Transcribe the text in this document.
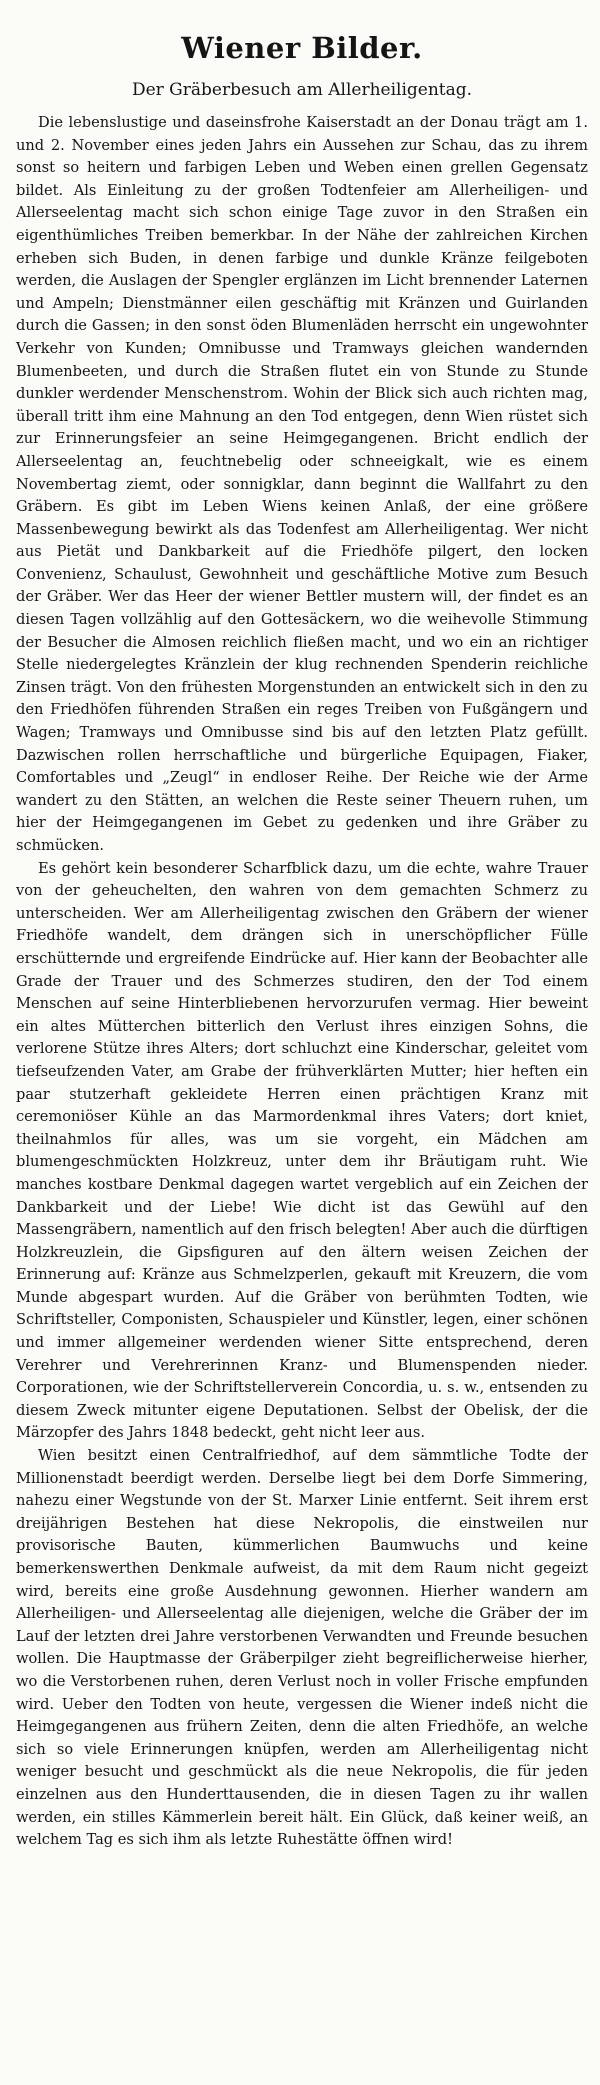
Wiener Bilder.
Der Gräberbesuch am Allerheiligentag.

Die lebenslustige und daseinsfrohe Kaiserstadt an der Donau trägt am 1. und 2. November eines jeden Jahrs ein Aussehen zur Schau, das zu ihrem sonst so heitern und farbigen Leben und Weben einen grellen Gegensatz bildet. Als Einleitung zu der großen Todtenfeier am Allerheiligen- und Allerseelentag macht sich schon einige Tage zuvor in den Straßen ein eigenthümliches Treiben bemerkbar. In der Nähe der zahlreichen Kirchen erheben sich Buden, in denen farbige und dunkle Kränze feilgeboten werden, die Auslagen der Spengler erglänzen im Licht brennender Laternen und Ampeln; Dienstmänner eilen geschäftig mit Kränzen und Guirlanden durch die Gassen; in den sonst öden Blumenläden herrscht ein ungewohnter Verkehr von Kunden; Omnibusse und Tramways gleichen wandernden Blumenbeeten, und durch die Straßen flutet ein von Stunde zu Stunde dunkler werdender Menschenstrom. Wohin der Blick sich auch richten mag, überall tritt ihm eine Mahnung an den Tod entgegen, denn Wien rüstet sich zur Erinnerungsfeier an seine Heimgegangenen. Bricht endlich der Allerseelentag an, feuchtnebelig oder schneeigkalt, wie es einem Novembertag ziemt, oder sonnigklar, dann beginnt die Wallfahrt zu den Gräbern. Es gibt im Leben Wiens keinen Anlaß, der eine größere Massenbewegung bewirkt als das Todenfest am Allerheiligentag. Wer nicht aus Pietät und Dankbarkeit auf die Friedhöfe pilgert, den locken Convenienz, Schaulust, Gewohnheit und geschäftliche Motive zum Besuch der Gräber. Wer das Heer der wiener Bettler mustern will, der findet es an diesen Tagen vollzählig auf den Gottesäckern, wo die weihevolle Stimmung der Besucher die Almosen reichlich fließen macht, und wo ein an richtiger Stelle niedergelegtes Kränzlein der klug rechnenden Spenderin reichliche Zinsen trägt. Von den frühesten Morgenstunden an entwickelt sich in den zu den Friedhöfen führenden Straßen ein reges Treiben von Fußgängern und Wagen; Tramways und Omnibusse sind bis auf den letzten Platz gefüllt. Dazwischen rollen herrschaftliche und bürgerliche Equipagen, Fiaker, Comfortables und „Zeugl“ in endloser Reihe. Der Reiche wie der Arme wandert zu den Stätten, an welchen die Reste seiner Theuern ruhen, um hier der Heimgegangenen im Gebet zu gedenken und ihre Gräber zu schmücken.

Es gehört kein besonderer Scharfblick dazu, um die echte, wahre Trauer von der geheuchelten, den wahren von dem gemachten Schmerz zu unterscheiden. Wer am Allerheiligentag zwischen den Gräbern der wiener Friedhöfe wandelt, dem drängen sich in unerschöpflicher Fülle erschütternde und ergreifende Eindrücke auf. Hier kann der Beobachter alle Grade der Trauer und des Schmerzes studiren, den der Tod einem Menschen auf seine Hinterbliebenen hervorzurufen vermag. Hier beweint ein altes Mütterchen bitterlich den Verlust ihres einzigen Sohns, die verlorene Stütze ihres Alters; dort schluchzt eine Kinderschar, geleitet vom tiefseufzenden Vater, am Grabe der frühverklärten Mutter; hier heften ein paar stutzerhaft gekleidete Herren einen prächtigen Kranz mit ceremoniöser Kühle an das Marmordenkmal ihres Vaters; dort kniet, theilnahmlos für alles, was um sie vorgeht, ein Mädchen am blumengeschmückten Holzkreuz, unter dem ihr Bräutigam ruht. Wie manches kostbare Denkmal dagegen wartet vergeblich auf ein Zeichen der Dankbarkeit und der Liebe! Wie dicht ist das Gewühl auf den Massengräbern, namentlich auf den frisch belegten! Aber auch die dürftigen Holzkreuzlein, die Gipsfiguren auf den ältern weisen Zeichen der Erinnerung auf: Kränze aus Schmelzperlen, gekauft mit Kreuzern, die vom Munde abgespart wurden. Auf die Gräber von berühmten Todten, wie Schriftsteller, Componisten, Schauspieler und Künstler, legen, einer schönen und immer allgemeiner werdenden wiener Sitte entsprechend, deren Verehrer und Verehrerinnen Kranz- und Blumenspenden nieder. Corporationen, wie der Schriftstellerverein Concordia, u. s. w., entsenden zu diesem Zweck mitunter eigene Deputationen. Selbst der Obelisk, der die Märzopfer des Jahrs 1848 bedeckt, geht nicht leer aus.

Wien besitzt einen Centralfriedhof, auf dem sämmtliche Todte der Millionenstadt beerdigt werden. Derselbe liegt bei dem Dorfe Simmering, nahezu einer Wegstunde von der St. Marxer Linie entfernt. Seit ihrem erst dreijährigen Bestehen hat diese Nekropolis, die einstweilen nur provisorische Bauten, kümmerlichen Baumwuchs und keine bemerkenswerthen Denkmale aufweist, da mit dem Raum nicht gegeizt wird, bereits eine große Ausdehnung gewonnen. Hierher wandern am Allerheiligen- und Allerseelentag alle diejenigen, welche die Gräber der im Lauf der letzten drei Jahre verstorbenen Verwandten und Freunde besuchen wollen. Die Hauptmasse der Gräberpilger zieht begreiflicherweise hierher, wo die Verstorbenen ruhen, deren Verlust noch in voller Frische empfunden wird. Ueber den Todten von heute, vergessen die Wiener indeß nicht die Heimgegangenen aus frühern Zeiten, denn die alten Friedhöfe, an welche sich so viele Erinnerungen knüpfen, werden am Allerheiligentag nicht weniger besucht und geschmückt als die neue Nekropolis, die für jeden einzelnen aus den Hunderttausenden, die in diesen Tagen zu ihr wallen werden, ein stilles Kämmerlein bereit hält. Ein Glück, daß keiner weiß, an welchem Tag es sich ihm als letzte Ruhestätte öffnen wird!
